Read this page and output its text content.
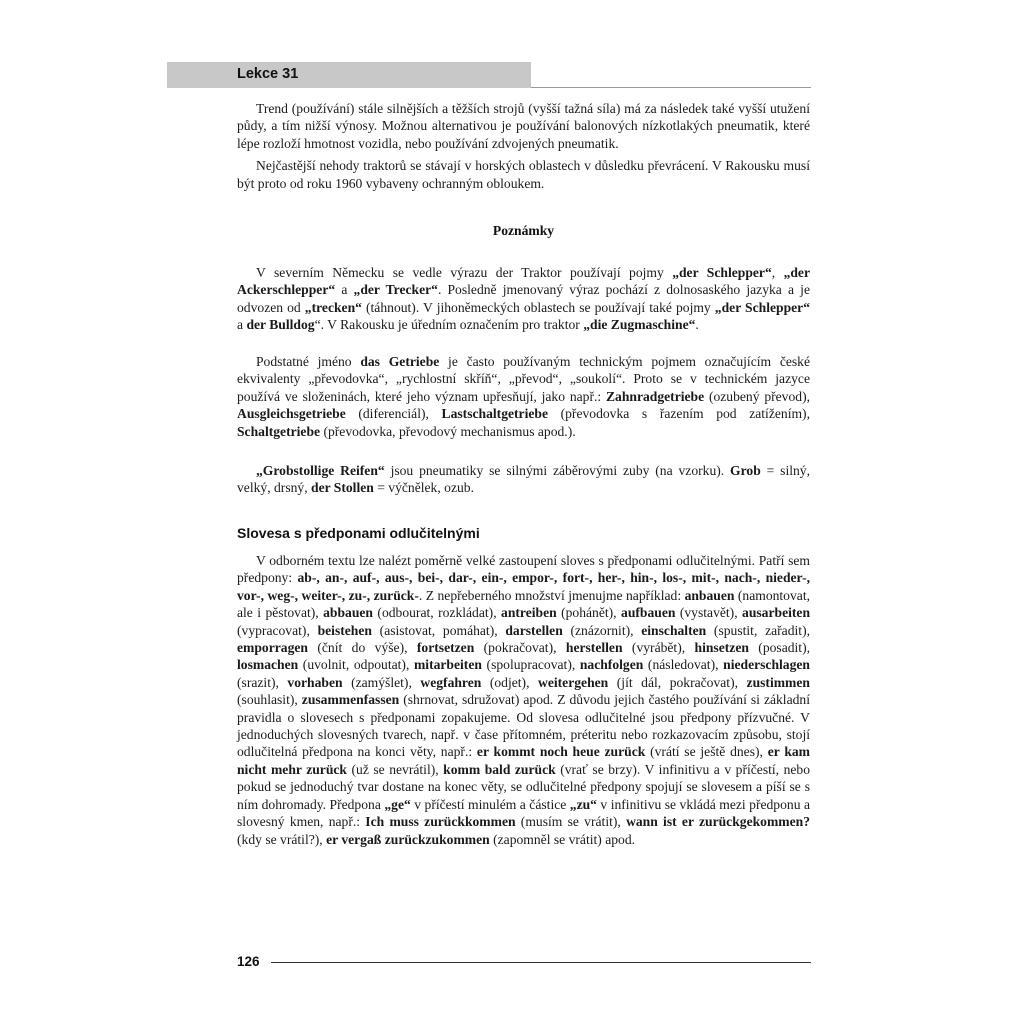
Lekce 31

Trend (používání) stále silnějších a těžších strojů (vyšší tažná síla) má za následek také vyšší utužení půdy, a tím nižší výnosy. Možnou alternativou je používání balonových nízkotlakých pneumatik, které lépe rozloží hmotnost vozidla, nebo používání zdvojených pneumatik.

Nejčastější nehody traktorů se stávají v horských oblastech v důsledku převrácení. V Rakousku musí být proto od roku 1960 vybaveny ochranným obloukem.

Poznámky

V severním Německu se vedle výrazu der Traktor používají pojmy „der Schlepper“, „der Ackerschlepper“ a „der Trecker“. Posledně jmenovaný výraz pochází z dolnosaského jazyka a je odvozen od „trecken“ (táhnout). V jihoněmeckých oblastech se používají také pojmy „der Schlepper“ a der Bulldog“. V Rakousku je úředním označením pro traktor „die Zugmaschine“.

Podstatné jméno das Getriebe je často používaným technickým pojmem označujícím české ekvivalenty „převodovka“, „rychlostní skříň“, „převod“, „soukolí“. Proto se v technickém jazyce používá ve složeninách, které jeho význam upřesňují, jako např.: Zahnradgetriebe (ozubený převod), Ausgleichsgetriebe (diferenciál), Lastschaltgetriebe (převodovka s řazením pod zatížením), Schaltgetriebe (převodovka, převodový mechanismus apod.).

„Grobstollige Reifen“ jsou pneumatiky se silnými záběrovými zuby (na vzorku). Grob = silný, velký, drsný, der Stollen = výčnělek, ozub.

Slovesa s předponami odlučitelnými

V odborném textu lze nalézt poměrně velké zastoupení sloves s předponami odlučitelnými. Patří sem předpony: ab-, an-, auf-, aus-, bei-, dar-, ein-, empor-, fort-, her-, hin-, los-, mit-, nach-, nieder-, vor-, weg-, weiter-, zu-, zurück-. Z nepřeberného množství jmenujme například: anbauen (namontovat, ale i pěstovat), abbauen (odbourat, rozkládat), antreiben (pohánět), aufbauen (vystavět), ausarbeiten (vypracovat), beistehen (asistovat, pomáhat), darstellen (znázornit), einschalten (spustit, zařadit), emporragen (čnít do výše), fortsetzen (pokračovat), herstellen (vyrábět), hinsetzen (posadit), losmachen (uvolnit, odpoutat), mitarbeiten (spolupracovat), nachfolgen (následovat), niederschlagen (srazit), vorhaben (zamýšlet), wegfahren (odjet), weitergehen (jít dál, pokračovat), zustimmen (souhlasit), zusammenfassen (shrnovat, sdružovat) apod. Z důvodu jejich častého používání si základní pravidla o slovesech s předponami zopakujeme. Od slovesa odlučitelné jsou předpony přízvučné. V jednoduchých slovesných tvarech, např. v čase přítomném, préteritu nebo rozkazovacím způsobu, stojí odlučitelná předpona na konci věty, např.: er kommt noch heue zurück (vrátí se ještě dnes), er kam nicht mehr zurück (už se nevrátil), komm bald zurück (vrať se brzy). V infinitivu a v příčestí, nebo pokud se jednoduchý tvar dostane na konec věty, se odlučitelné předpony spojují se slovesem a píší se s ním dohromady. Předpona „ge“ v příčestí minulém a částice „zu“ v infinitivu se vkládá mezi předponu a slovesný kmen, např.: Ich muss zurückkommen (musím se vrátit), wann ist er zurückgekommen? (kdy se vrátil?), er vergaß zurückzukommen (zapomněl se vrátit) apod.

126
